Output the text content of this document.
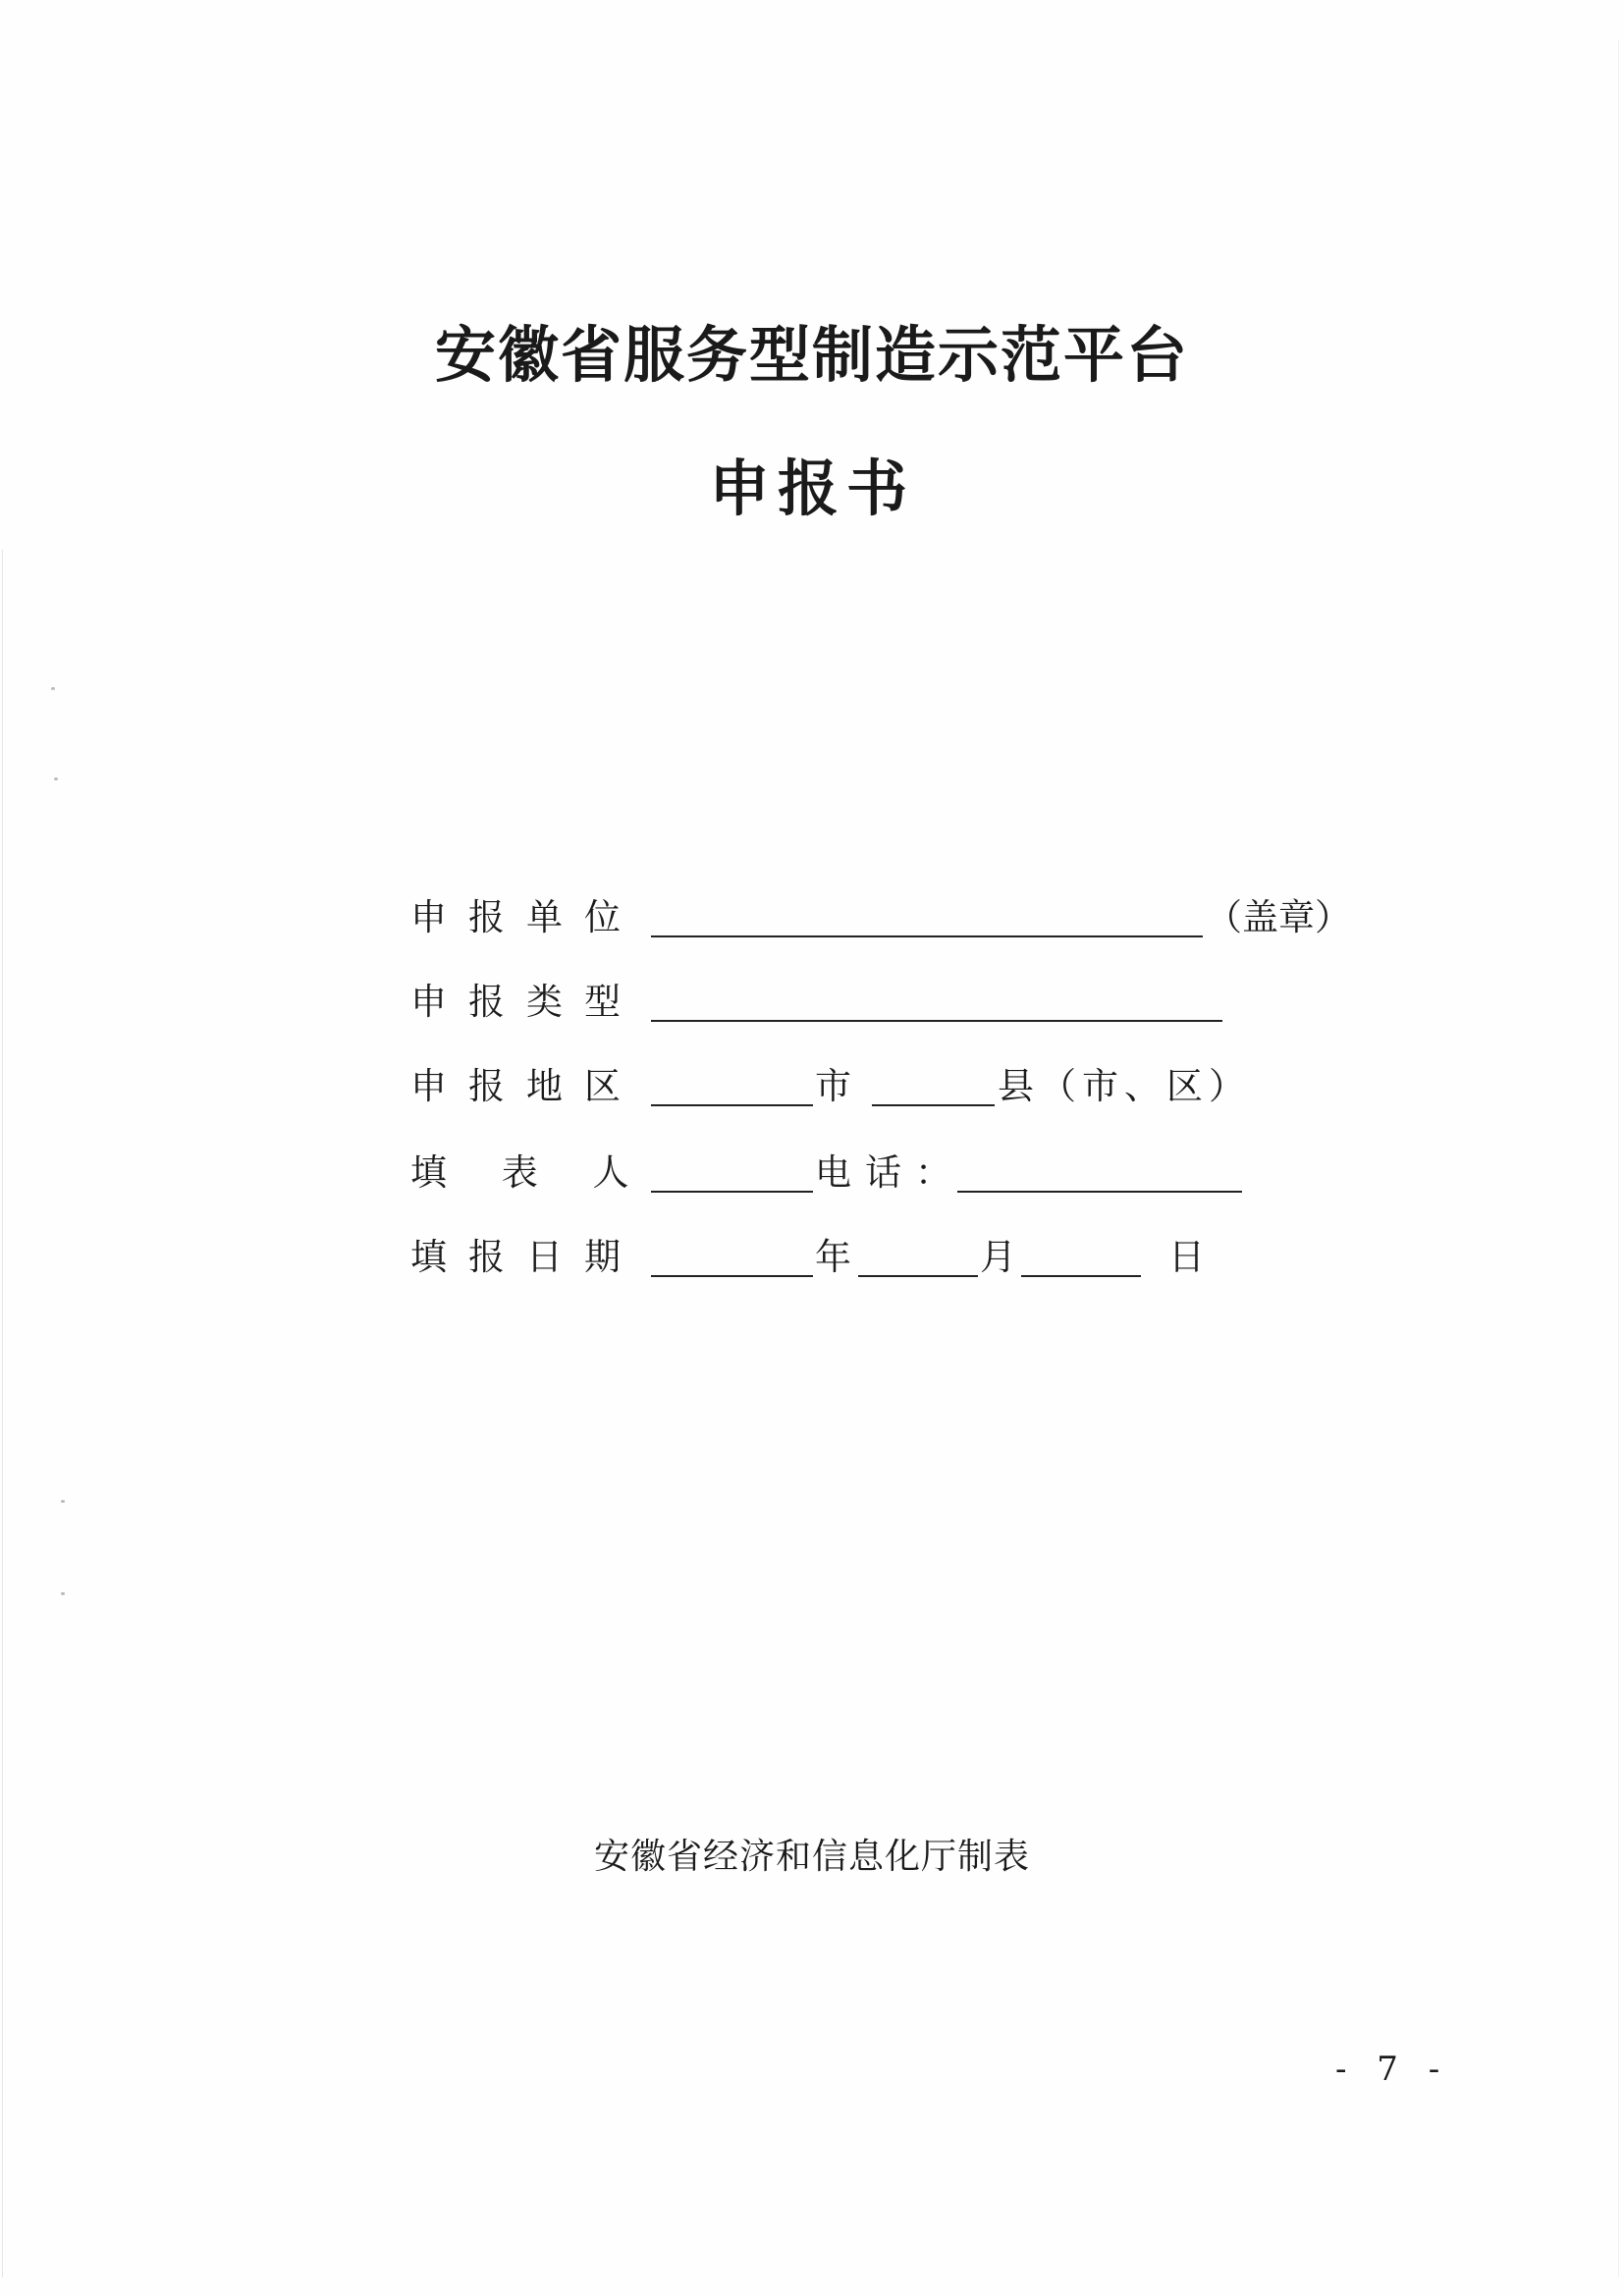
安徽省服务型制造示范平台
申报书
申报单位	（盖章）
申报类型
申报地区	市	县（市、区）
填 表 人	电话：
填报日期	年	月	日
安徽省经济和信息化厅制表
- 7 -
